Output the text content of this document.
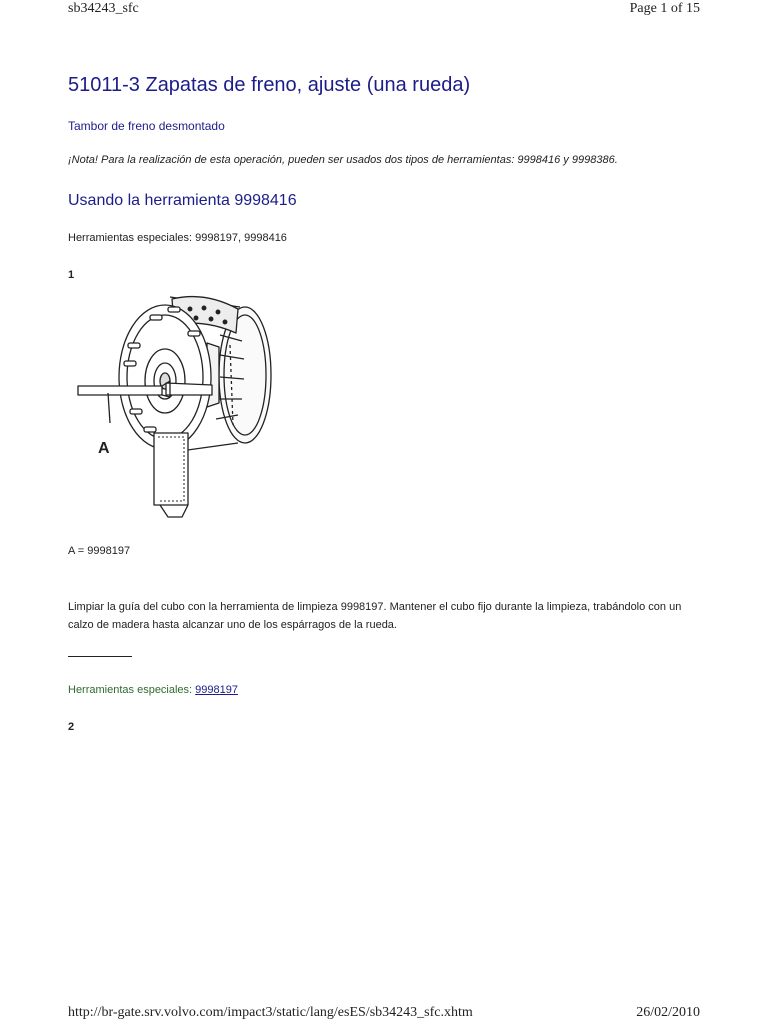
sb34243_sfc	Page 1 of 15
51011-3 Zapatas de freno, ajuste (una rueda)
Tambor de freno desmontado
¡Nota! Para la realización de esta operación, pueden ser usados dos tipos de herramientas: 9998416 y 9998386.
Usando la herramienta 9998416
Herramientas especiales: 9998197, 9998416
1
A
A = 9998197
Limpiar la guía del cubo con la herramienta de limpieza 9998197. Mantener el cubo fijo durante la limpieza, trabándolo con un calzo de madera hasta alcanzar uno de los espárragos de la rueda.
Herramientas especiales: 9998197
2
http://br-gate.srv.volvo.com/impact3/static/lang/esES/sb34243_sfc.xhtm	26/02/2010
